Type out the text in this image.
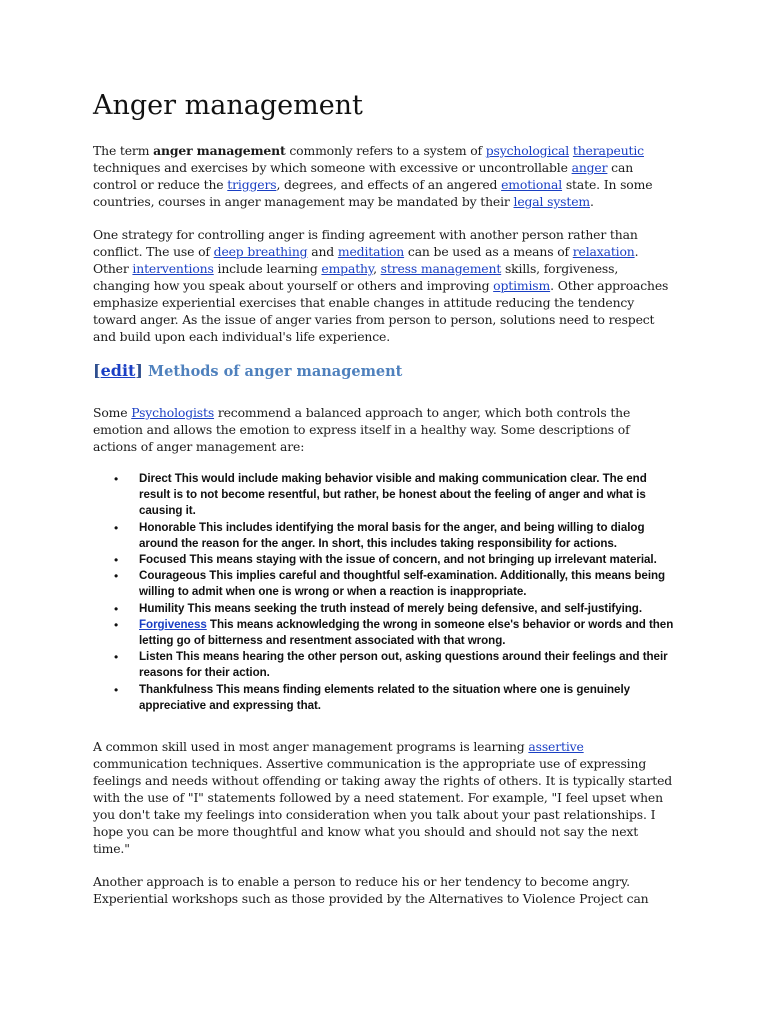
Anger management

The term anger management commonly refers to a system of psychological therapeutic techniques and exercises by which someone with excessive or uncontrollable anger can control or reduce the triggers, degrees, and effects of an angered emotional state. In some countries, courses in anger management may be mandated by their legal system.

One strategy for controlling anger is finding agreement with another person rather than conflict. The use of deep breathing and meditation can be used as a means of relaxation. Other interventions include learning empathy, stress management skills, forgiveness, changing how you speak about yourself or others and improving optimism. Other approaches emphasize experiential exercises that enable changes in attitude reducing the tendency toward anger. As the issue of anger varies from person to person, solutions need to respect and build upon each individual's life experience.

[edit] Methods of anger management

Some Psychologists recommend a balanced approach to anger, which both controls the emotion and allows the emotion to express itself in a healthy way. Some descriptions of actions of anger management are:

• Direct This would include making behavior visible and making communication clear. The end result is to not become resentful, but rather, be honest about the feeling of anger and what is causing it.
• Honorable This includes identifying the moral basis for the anger, and being willing to dialog around the reason for the anger. In short, this includes taking responsibility for actions.
• Focused This means staying with the issue of concern, and not bringing up irrelevant material.
• Courageous This implies careful and thoughtful self-examination. Additionally, this means being willing to admit when one is wrong or when a reaction is inappropriate.
• Humility This means seeking the truth instead of merely being defensive, and self-justifying.
• Forgiveness This means acknowledging the wrong in someone else's behavior or words and then letting go of bitterness and resentment associated with that wrong.
• Listen This means hearing the other person out, asking questions around their feelings and their reasons for their action.
• Thankfulness This means finding elements related to the situation where one is genuinely appreciative and expressing that.

A common skill used in most anger management programs is learning assertive communication techniques. Assertive communication is the appropriate use of expressing feelings and needs without offending or taking away the rights of others. It is typically started with the use of "I" statements followed by a need statement. For example, "I feel upset when you don't take my feelings into consideration when you talk about your past relationships. I hope you can be more thoughtful and know what you should and should not say the next time."

Another approach is to enable a person to reduce his or her tendency to become angry. Experiential workshops such as those provided by the Alternatives to Violence Project can
